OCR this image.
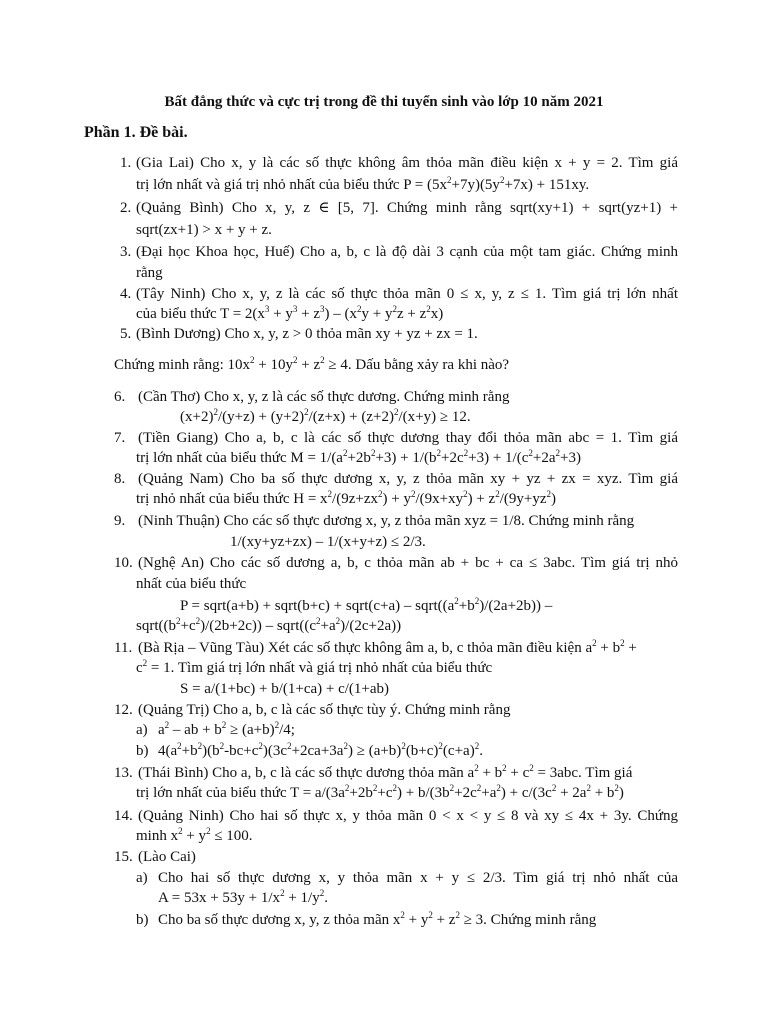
Bất đẳng thức và cực trị trong đề thi tuyển sinh vào lớp 10 năm 2021
Phần 1. Đề bài.
1. (Gia Lai) Cho x, y là các số thực không âm thỏa mãn điều kiện x + y = 2. Tìm giá
trị lớn nhất và giá trị nhỏ nhất của biểu thức $P = (5x^2+7y)(5y^2+7x) + 151xy$.
2. (Quảng Bình) Cho x, y, z ∈ [5, 7]. Chứng minh rằng sqrt(xy+1) + sqrt(yz+1) +
sqrt(zx+1) > x + y + z.
3. (Đại học Khoa học, Huế) Cho a, b, c là độ dài 3 cạnh của một tam giác. Chứng minh
rằng
4. (Tây Ninh) Cho x, y, z là các số thực thỏa mãn 0 ≤ x, y, z ≤ 1. Tìm giá trị lớn nhất
của biểu thức $T = 2(x^3 + y^3 + z^3) - (x^2y + y^2z + z^2x)$
5. (Bình Dương) Cho x, y, z > 0 thỏa mãn xy + yz + zx = 1.
Chứng minh rằng: $10x^2 + 10y^2 + z^2 \ge 4$. Dấu bằng xảy ra khi nào?
6. (Cần Thơ) Cho x, y, z là các số thực dương. Chứng minh rằng
$(x+2)^2/(y+z) + (y+2)^2/(z+x) + (z+2)^2/(x+y) \ge 12$.
7. (Tiền Giang) Cho a, b, c là các số thực dương thay đổi thỏa mãn abc = 1. Tìm giá
trị lớn nhất của biểu thức $M = 1/(a^2+2b^2+3) + 1/(b^2+2c^2+3) + 1/(c^2+2a^2+3)$
8. (Quảng Nam) Cho ba số thực dương x, y, z thỏa mãn xy + yz + zx = xyz. Tìm giá
trị nhỏ nhất của biểu thức $H = x^2/(9z+zx^2) + y^2/(9x+xy^2) + z^2/(9y+yz^2)$
9. (Ninh Thuận) Cho các số thực dương x, y, z thỏa mãn xyz = 1/8. Chứng minh rằng
1/(xy+yz+zx) – 1/(x+y+z) ≤ 2/3.
10. (Nghệ An) Cho các số dương a, b, c thỏa mãn ab + bc + ca ≤ 3abc. Tìm giá trị nhỏ
nhất của biểu thức
P = sqrt(a+b) + sqrt(b+c) + sqrt(c+a) – $sqrt((a^2+b^2)/(2a+2b))$ –
$sqrt((b^2+c^2)/(2b+2c))$ – $sqrt((c^2+a^2)/(2c+2a))$
11. (Bà Rịa – Vũng Tàu) Xét các số thực không âm a, b, c thỏa mãn điều kiện $a^2 + b^2$ +
$c^2 = 1$. Tìm giá trị lớn nhất và giá trị nhỏ nhất của biểu thức
S = a/(1+bc) + b/(1+ca) + c/(1+ab)
12. (Quảng Trị) Cho a, b, c là các số thực tùy ý. Chứng minh rằng
a) $a^2$ – ab + $b^2 \ge (a+b)^2/4$;
b) $4(a^2+b^2)(b^2-bc+c^2)(3c^2+2ca+3a^2) \ge (a+b)^2(b+c)^2(c+a)^2$.
13. (Thái Bình) Cho a, b, c là các số thực dương thỏa mãn $a^2 + b^2 + c^2 = 3abc$. Tìm giá
trị lớn nhất của biểu thức $T = a/(3a^2+2b^2+c^2) + b/(3b^2+2c^2+a^2) + c/(3c^2 + 2a^2 + b^2)$
14. (Quảng Ninh) Cho hai số thực x, y thỏa mãn 0 < x < y ≤ 8 và xy ≤ 4x + 3y. Chứng
minh $x^2 + y^2 \le 100$.
15. (Lào Cai)
a) Cho hai số thực dương x, y thỏa mãn x + y ≤ 2/3. Tìm giá trị nhỏ nhất của
$A = 53x + 53y + 1/x^2 + 1/y^2$.
b) Cho ba số thực dương x, y, z thỏa mãn $x^2 + y^2 + z^2 \ge 3$. Chứng minh rằng
